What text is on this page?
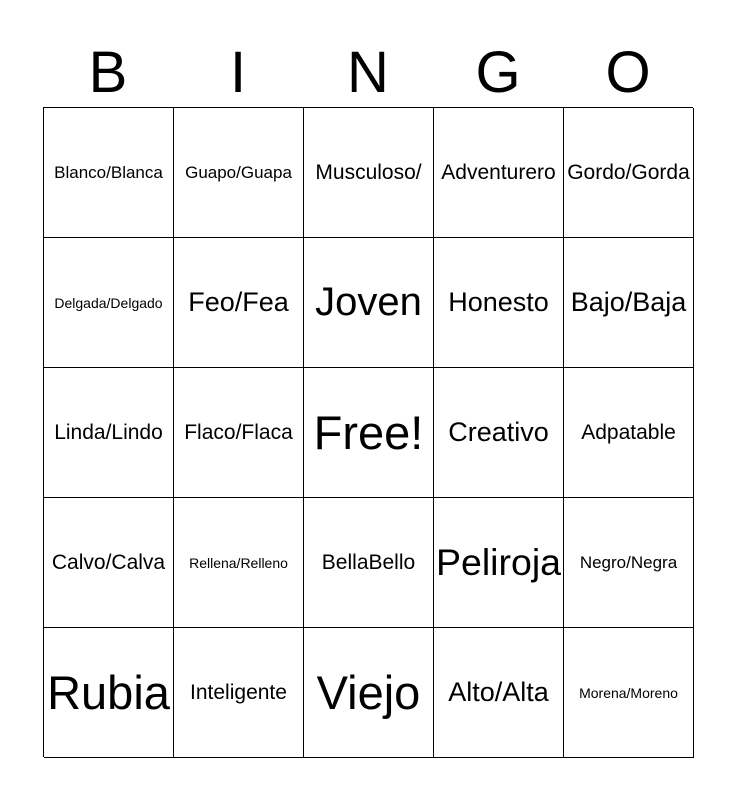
B	I	N	G	O
Blanco/Blanca Guapo/Guapa Musculoso/ Adventurero Gordo/Gorda
Delgada/Delgado Feo/Fea Joven Honesto Bajo/Baja
Linda/Lindo Flaco/Flaca Free! Creativo Adpatable
Calvo/Calva Rellena/Relleno BellaBello Peliroja Negro/Negra
Rubia Inteligente Viejo Alto/Alta Morena/Moreno
